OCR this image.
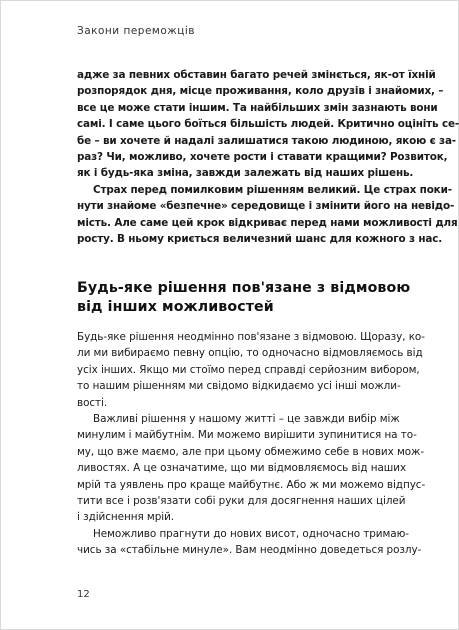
Закони переможців

адже за певних обставин багато речей змінється, як-от їхній
розпорядок дня, місце проживання, коло друзів і знайомих, –
все це може стати іншим. Та найбільших змін зазнають вони
самі. І саме цього боїться більшість людей. Критично оцініть се-
бе – ви хочете й надалі залишатися такою людиною, якою є за-
раз? Чи, можливо, хочете рости і ставати кращими? Розвиток,
як і будь-яка зміна, завжди залежать від наших рішень.

Страх перед помилковим рішенням великий. Це страх поки-
нути знайоме «безпечне» середовище і змінити його на невідо-
мість. Але саме цей крок відкриває перед нами можливості для
росту. В ньому криється величезний шанс для кожного з нас.

Будь-яке рішення пов'язане з відмовою
від інших можливостей

Будь-яке рішення неодмінно пов'язане з відмовою. Щоразу, ко-
ли ми вибираємо певну опцію, то одночасно відмовляємось від
усіх інших. Якщо ми стоїмо перед справді серйозним вибором,
то нашим рішенням ми свідомо відкидаємо усі інші можли-
вості.

Важливі рішення у нашому житті – це завжди вибір між
минулим і майбутнім. Ми можемо вирішити зупинитися на то-
му, що вже маємо, але при цьому обмежимо себе в нових мож-
ливостях. А це означатиме, що ми відмовляємось від наших
мрій та уявлень про краще майбутнє. Або ж ми можемо відпус-
тити все і розв'язати собі руки для досягнення наших цілей
і здійснення мрій.

Неможливо прагнути до нових висот, одночасно тримаю-
чись за «стабільне минуле». Вам неодмінно доведеться розлу-

12
